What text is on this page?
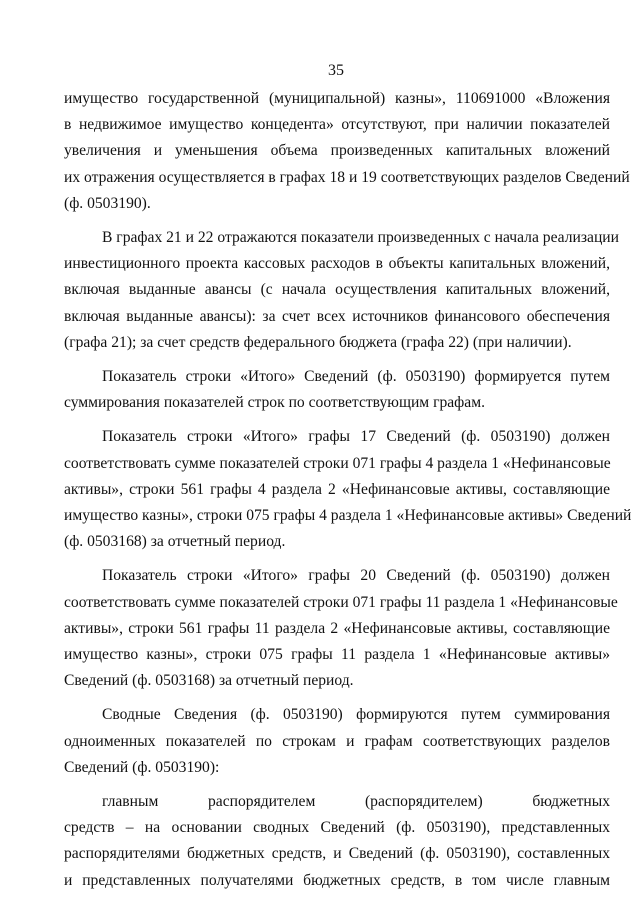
35

имущество государственной (муниципальной) казны», 110691000 «Вложения
в недвижимое имущество концедента» отсутствуют, при наличии показателей
увеличения и уменьшения объема произведенных капитальных вложений
их отражения осуществляется в графах 18 и 19 соответствующих разделов Сведений
(ф. 0503190).

В графах 21 и 22 отражаются показатели произведенных с начала реализации
инвестиционного проекта кассовых расходов в объекты капитальных вложений,
включая выданные авансы (с начала осуществления капитальных вложений,
включая выданные авансы): за счет всех источников финансового обеспечения
(графа 21); за счет средств федерального бюджета (графа 22) (при наличии).

Показатель строки «Итого» Сведений (ф. 0503190) формируется путем
суммирования показателей строк по соответствующим графам.

Показатель строки «Итого» графы 17 Сведений (ф. 0503190) должен
соответствовать сумме показателей строки 071 графы 4 раздела 1 «Нефинансовые
активы», строки 561 графы 4 раздела 2 «Нефинансовые активы, составляющие
имущество казны», строки 075 графы 4 раздела 1 «Нефинансовые активы» Сведений
(ф. 0503168) за отчетный период.

Показатель строки «Итого» графы 20 Сведений (ф. 0503190) должен
соответствовать сумме показателей строки 071 графы 11 раздела 1 «Нефинансовые
активы», строки 561 графы 11 раздела 2 «Нефинансовые активы, составляющие
имущество казны», строки 075 графы 11 раздела 1 «Нефинансовые активы»
Сведений (ф. 0503168) за отчетный период.

Сводные Сведения (ф. 0503190) формируются путем суммирования
одноименных показателей по строкам и графам соответствующих разделов
Сведений (ф. 0503190):

главным распорядителем (распорядителем) бюджетных
средств – на основании сводных Сведений (ф. 0503190), представленных
распорядителями бюджетных средств, и Сведений (ф. 0503190), составленных
и представленных получателями бюджетных средств, в том числе главным
